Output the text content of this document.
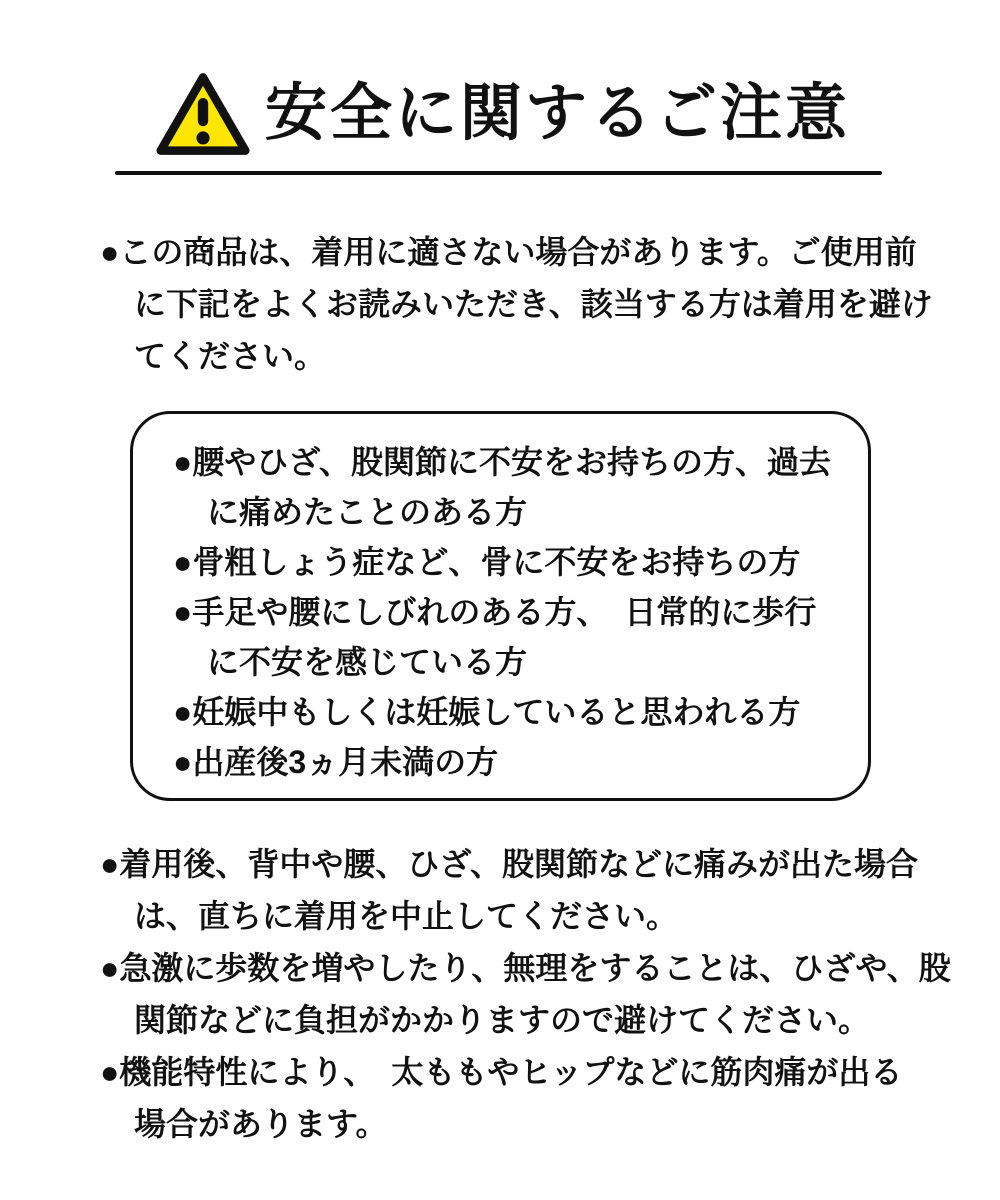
安全に関するご注意
●この商品は、着用に適さない場合があります。ご使用前
に下記をよくお読みいただき、該当する方は着用を避け
てください。
●腰やひざ、股関節に不安をお持ちの方、過去
に痛めたことのある方
●骨粗しょう症など、骨に不安をお持ちの方
●手足や腰にしびれのある方、　日常的に歩行
に不安を感じている方
●妊娠中もしくは妊娠していると思われる方
●出産後3ヵ月未満の方
●着用後、背中や腰、ひざ、股関節などに痛みが出た場合
は、直ちに着用を中止してください。
●急激に歩数を増やしたり、無理をすることは、ひざや、股
関節などに負担がかかりますので避けてください。
●機能特性により、　太ももやヒップなどに筋肉痛が出る
場合があります。
